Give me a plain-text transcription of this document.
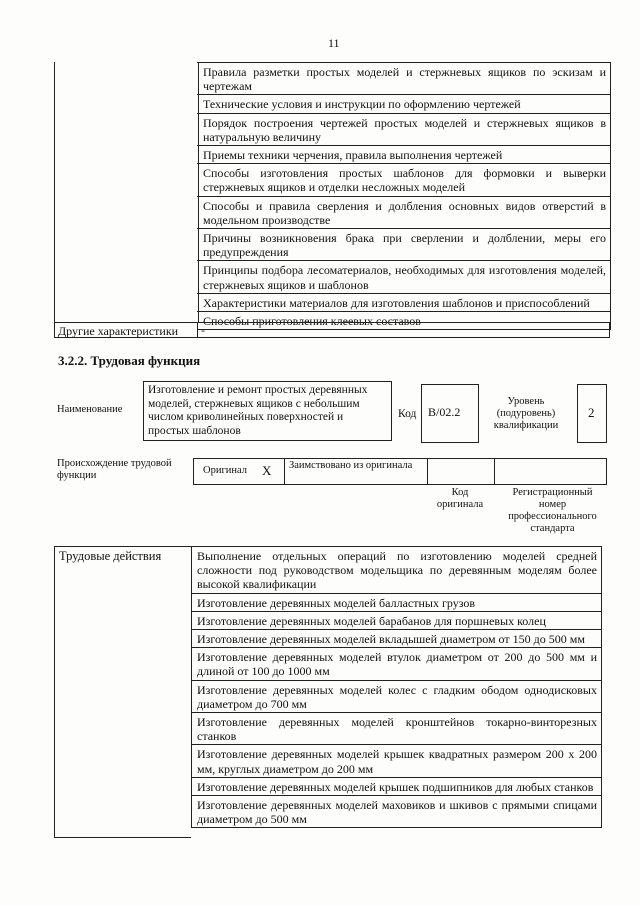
11
Правила разметки простых моделей и стержневых ящиков по эскизам и чертежам
Технические условия и инструкции по оформлению чертежей
Порядок построения чертежей простых моделей и стержневых ящиков в натуральную величину
Приемы техники черчения, правила выполнения чертежей
Способы изготовления простых шаблонов для формовки и выверки стержневых ящиков и отделки несложных моделей
Способы и правила сверления и долбления основных видов отверстий в модельном производстве
Причины возникновения брака при сверлении и долблении, меры его предупреждения
Принципы подбора лесоматериалов, необходимых для изготовления моделей, стержневых ящиков и шаблонов
Характеристики материалов для изготовления шаблонов и приспособлений
Способы приготовления клеевых составов
Другие характеристики -
3.2.2. Трудовая функция
Наименование
Изготовление и ремонт простых деревянных моделей, стержневых ящиков с небольшим числом криволинейных поверхностей и простых шаблонов
Код B/02.2
Уровень (подуровень) квалификации
2
Происхождение трудовой функции	Оригинал X Заимствовано из оригинала
Код оригинала
Регистрационный номер профессионального стандарта
Трудовые действия	Выполнение отдельных операций по изготовлению моделей средней сложности под руководством модельщика по деревянным моделям более высокой квалификации
Изготовление деревянных моделей балластных грузов
Изготовление деревянных моделей барабанов для поршневых колец
Изготовление деревянных моделей вкладышей диаметром от 150 до 500 мм
Изготовление деревянных моделей втулок диаметром от 200 до 500 мм и длиной от 100 до 1000 мм
Изготовление деревянных моделей колес с гладким ободом однодисковых диаметром до 700 мм
Изготовление деревянных моделей кронштейнов токарно-винторезных станков
Изготовление деревянных моделей крышек квадратных размером 200 х 200 мм, круглых диаметром до 200 мм
Изготовление деревянных моделей крышек подшипников для любых станков
Изготовление деревянных моделей маховиков и шкивов с прямыми спицами диаметром до 500 мм
